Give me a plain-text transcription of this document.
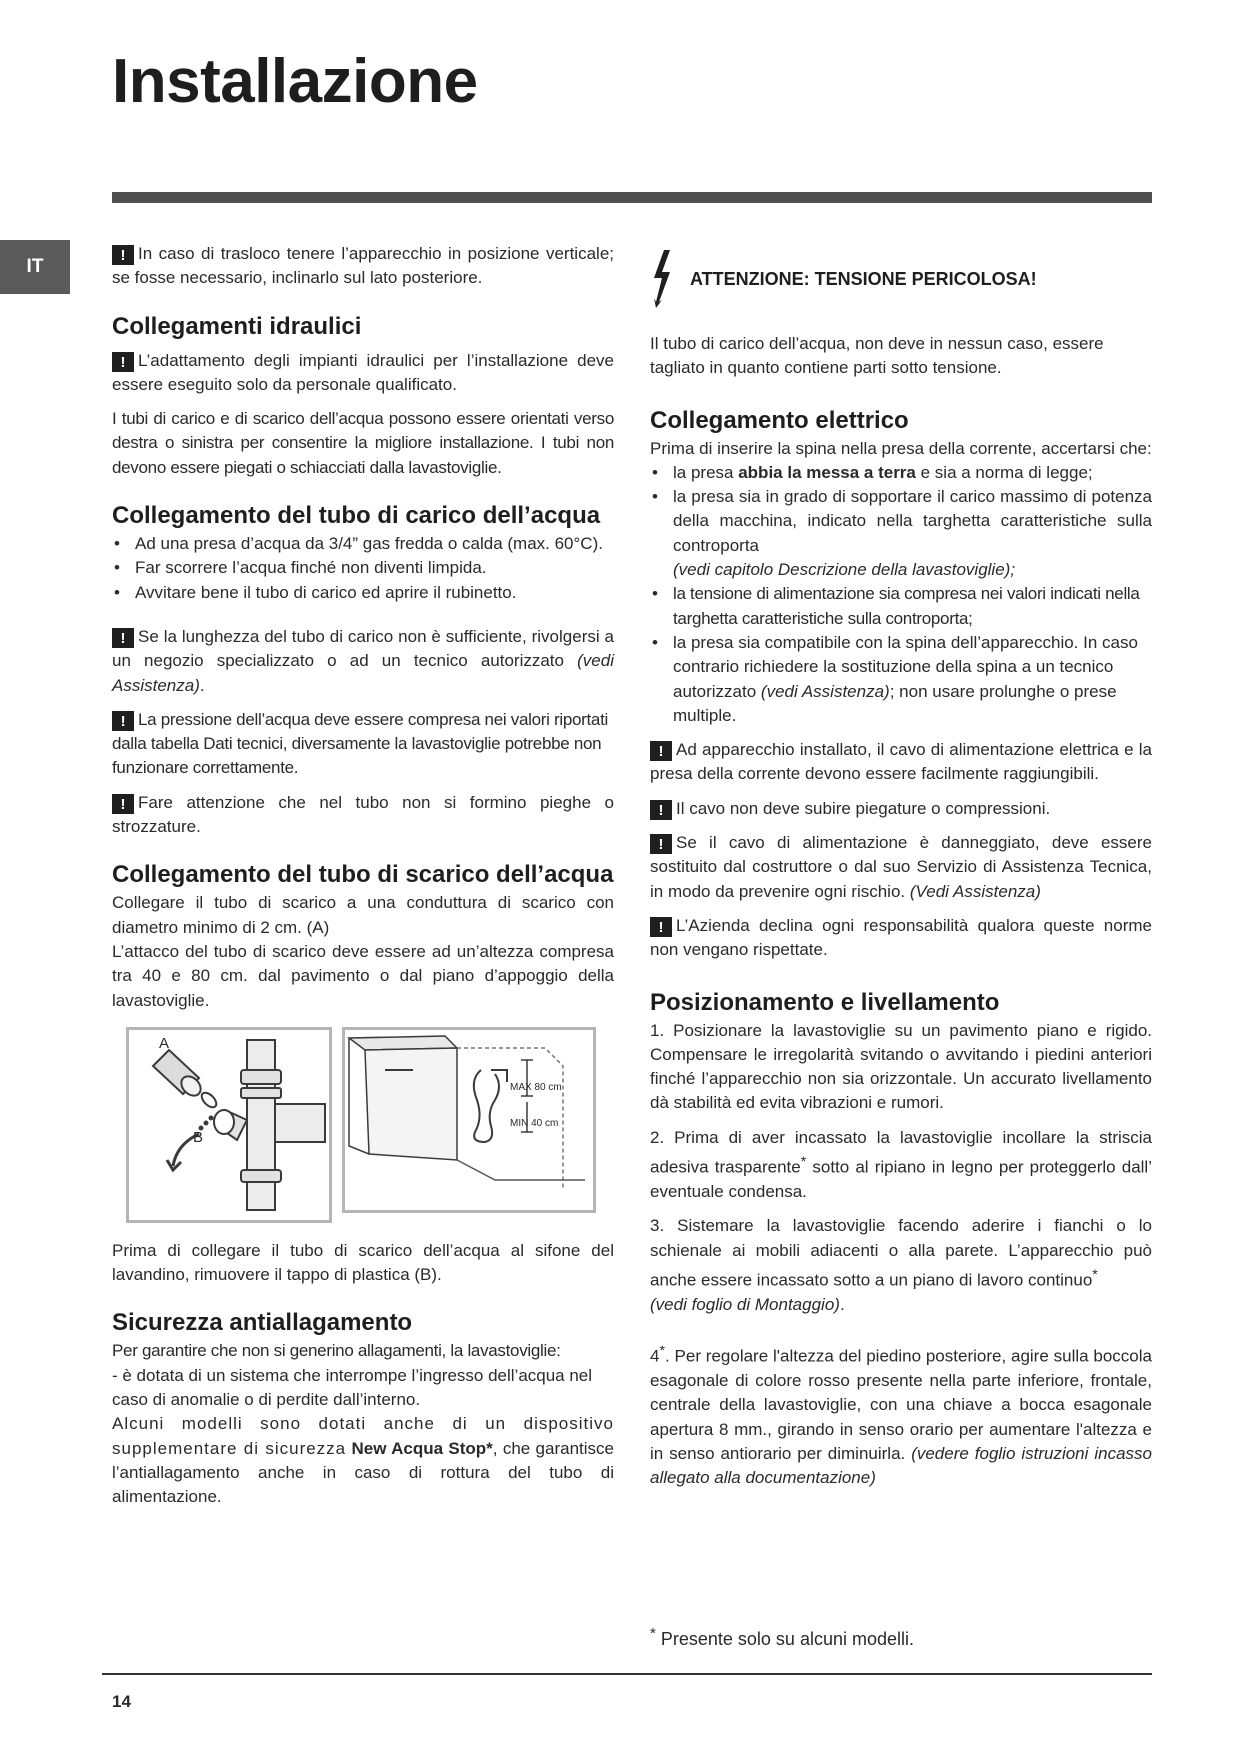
Installazione
IT

! In caso di trasloco tenere l’apparecchio in posizione verticale; se fosse necessario, inclinarlo sul lato posteriore.

Collegamenti idraulici

! L’adattamento degli impianti idraulici per l’installazione deve essere eseguito solo da personale qualificato.

I tubi di carico e di scarico dell’acqua possono essere orientati verso destra o sinistra per consentire la migliore installazione. I tubi non devono essere piegati o schiacciati dalla lavastoviglie.

Collegamento del tubo di carico dell’acqua
• Ad una presa d’acqua da 3/4” gas fredda o calda (max. 60°C).
• Far scorrere l’acqua finché non diventi limpida.
• Avvitare bene il tubo di carico ed aprire il rubinetto.

! Se la lunghezza del tubo di carico non è sufficiente, rivolgersi a un negozio specializzato o ad un tecnico autorizzato (vedi Assistenza).

! La pressione dell’acqua deve essere compresa nei valori riportati dalla tabella Dati tecnici, diversamente la lavastoviglie potrebbe non funzionare correttamente.

! Fare attenzione che nel tubo non si formino pieghe o strozzature.

Collegamento del tubo di scarico dell’acqua

Collegare il tubo di scarico a una conduttura di scarico con diametro minimo di 2 cm. (A)

L’attacco del tubo di scarico deve essere ad un’altezza compresa tra 40 e 80 cm. dal pavimento o dal piano d’appoggio della lavastoviglie.

A
B
MAX 80 cm
MIN 40 cm

Prima di collegare il tubo di scarico dell’acqua al sifone del lavandino, rimuovere il tappo di plastica (B).

Sicurezza antiallagamento

Per garantire che non si generino allagamenti, la lavastoviglie:

- è dotata di un sistema che interrompe l’ingresso dell’acqua nel caso di anomalie o di perdite dall’interno.

Alcuni modelli sono dotati anche di un dispositivo supplementare di sicurezza New Acqua Stop*, che garantisce l’antiallagamento anche in caso di rottura del tubo di alimentazione.

ATTENZIONE: TENSIONE PERICOLOSA!

Il tubo di carico dell’acqua, non deve in nessun caso, essere tagliato in quanto contiene parti sotto tensione.

Collegamento elettrico

Prima di inserire la spina nella presa della corrente, accertarsi che:

• la presa abbia la messa a terra e sia a norma di legge;
• la presa sia in grado di sopportare il carico massimo di potenza della macchina, indicato nella targhetta caratteristiche sulla controporta
(vedi capitolo Descrizione della lavastoviglie);
• la tensione di alimentazione sia compresa nei valori indicati nella targhetta caratteristiche sulla controporta;
• la presa sia compatibile con la spina dell’apparecchio. In caso contrario richiedere la sostituzione della spina a un tecnico autorizzato (vedi Assistenza); non usare prolunghe o prese multiple.

! Ad apparecchio installato, il cavo di alimentazione elettrica e la presa della corrente devono essere facilmente raggiungibili.

! Il cavo non deve subire piegature o compressioni.

! Se il cavo di alimentazione è danneggiato, deve essere sostituito dal costruttore o dal suo Servizio di Assistenza Tecnica, in modo da prevenire ogni rischio. (Vedi Assistenza)

! L’Azienda declina ogni responsabilità qualora queste norme non vengano rispettate.

Posizionamento e livellamento

1. Posizionare la lavastoviglie su un pavimento piano e rigido. Compensare le irregolarità svitando o avvitando i piedini anteriori finché l’apparecchio non sia orizzontale. Un accurato livellamento dà stabilità ed evita vibrazioni e rumori.

2. Prima di aver incassato la lavastoviglie incollare la striscia adesiva trasparente* sotto al ripiano in legno per proteggerlo dall’ eventuale condensa.

3. Sistemare la lavastoviglie facendo aderire i fianchi o lo schienale ai mobili adiacenti o alla parete. L’apparecchio può anche essere incassato sotto a un piano di lavoro continuo*
(vedi foglio di Montaggio).

4*. Per regolare l'altezza del piedino posteriore, agire sulla boccola esagonale di colore rosso presente nella parte inferiore, frontale, centrale della lavastoviglie, con una chiave a bocca esagonale apertura 8 mm., girando in senso orario per aumentare l'altezza e in senso antiorario per diminuirla. (vedere foglio istruzioni incasso allegato alla documentazione)

* Presente solo su alcuni modelli.
14
